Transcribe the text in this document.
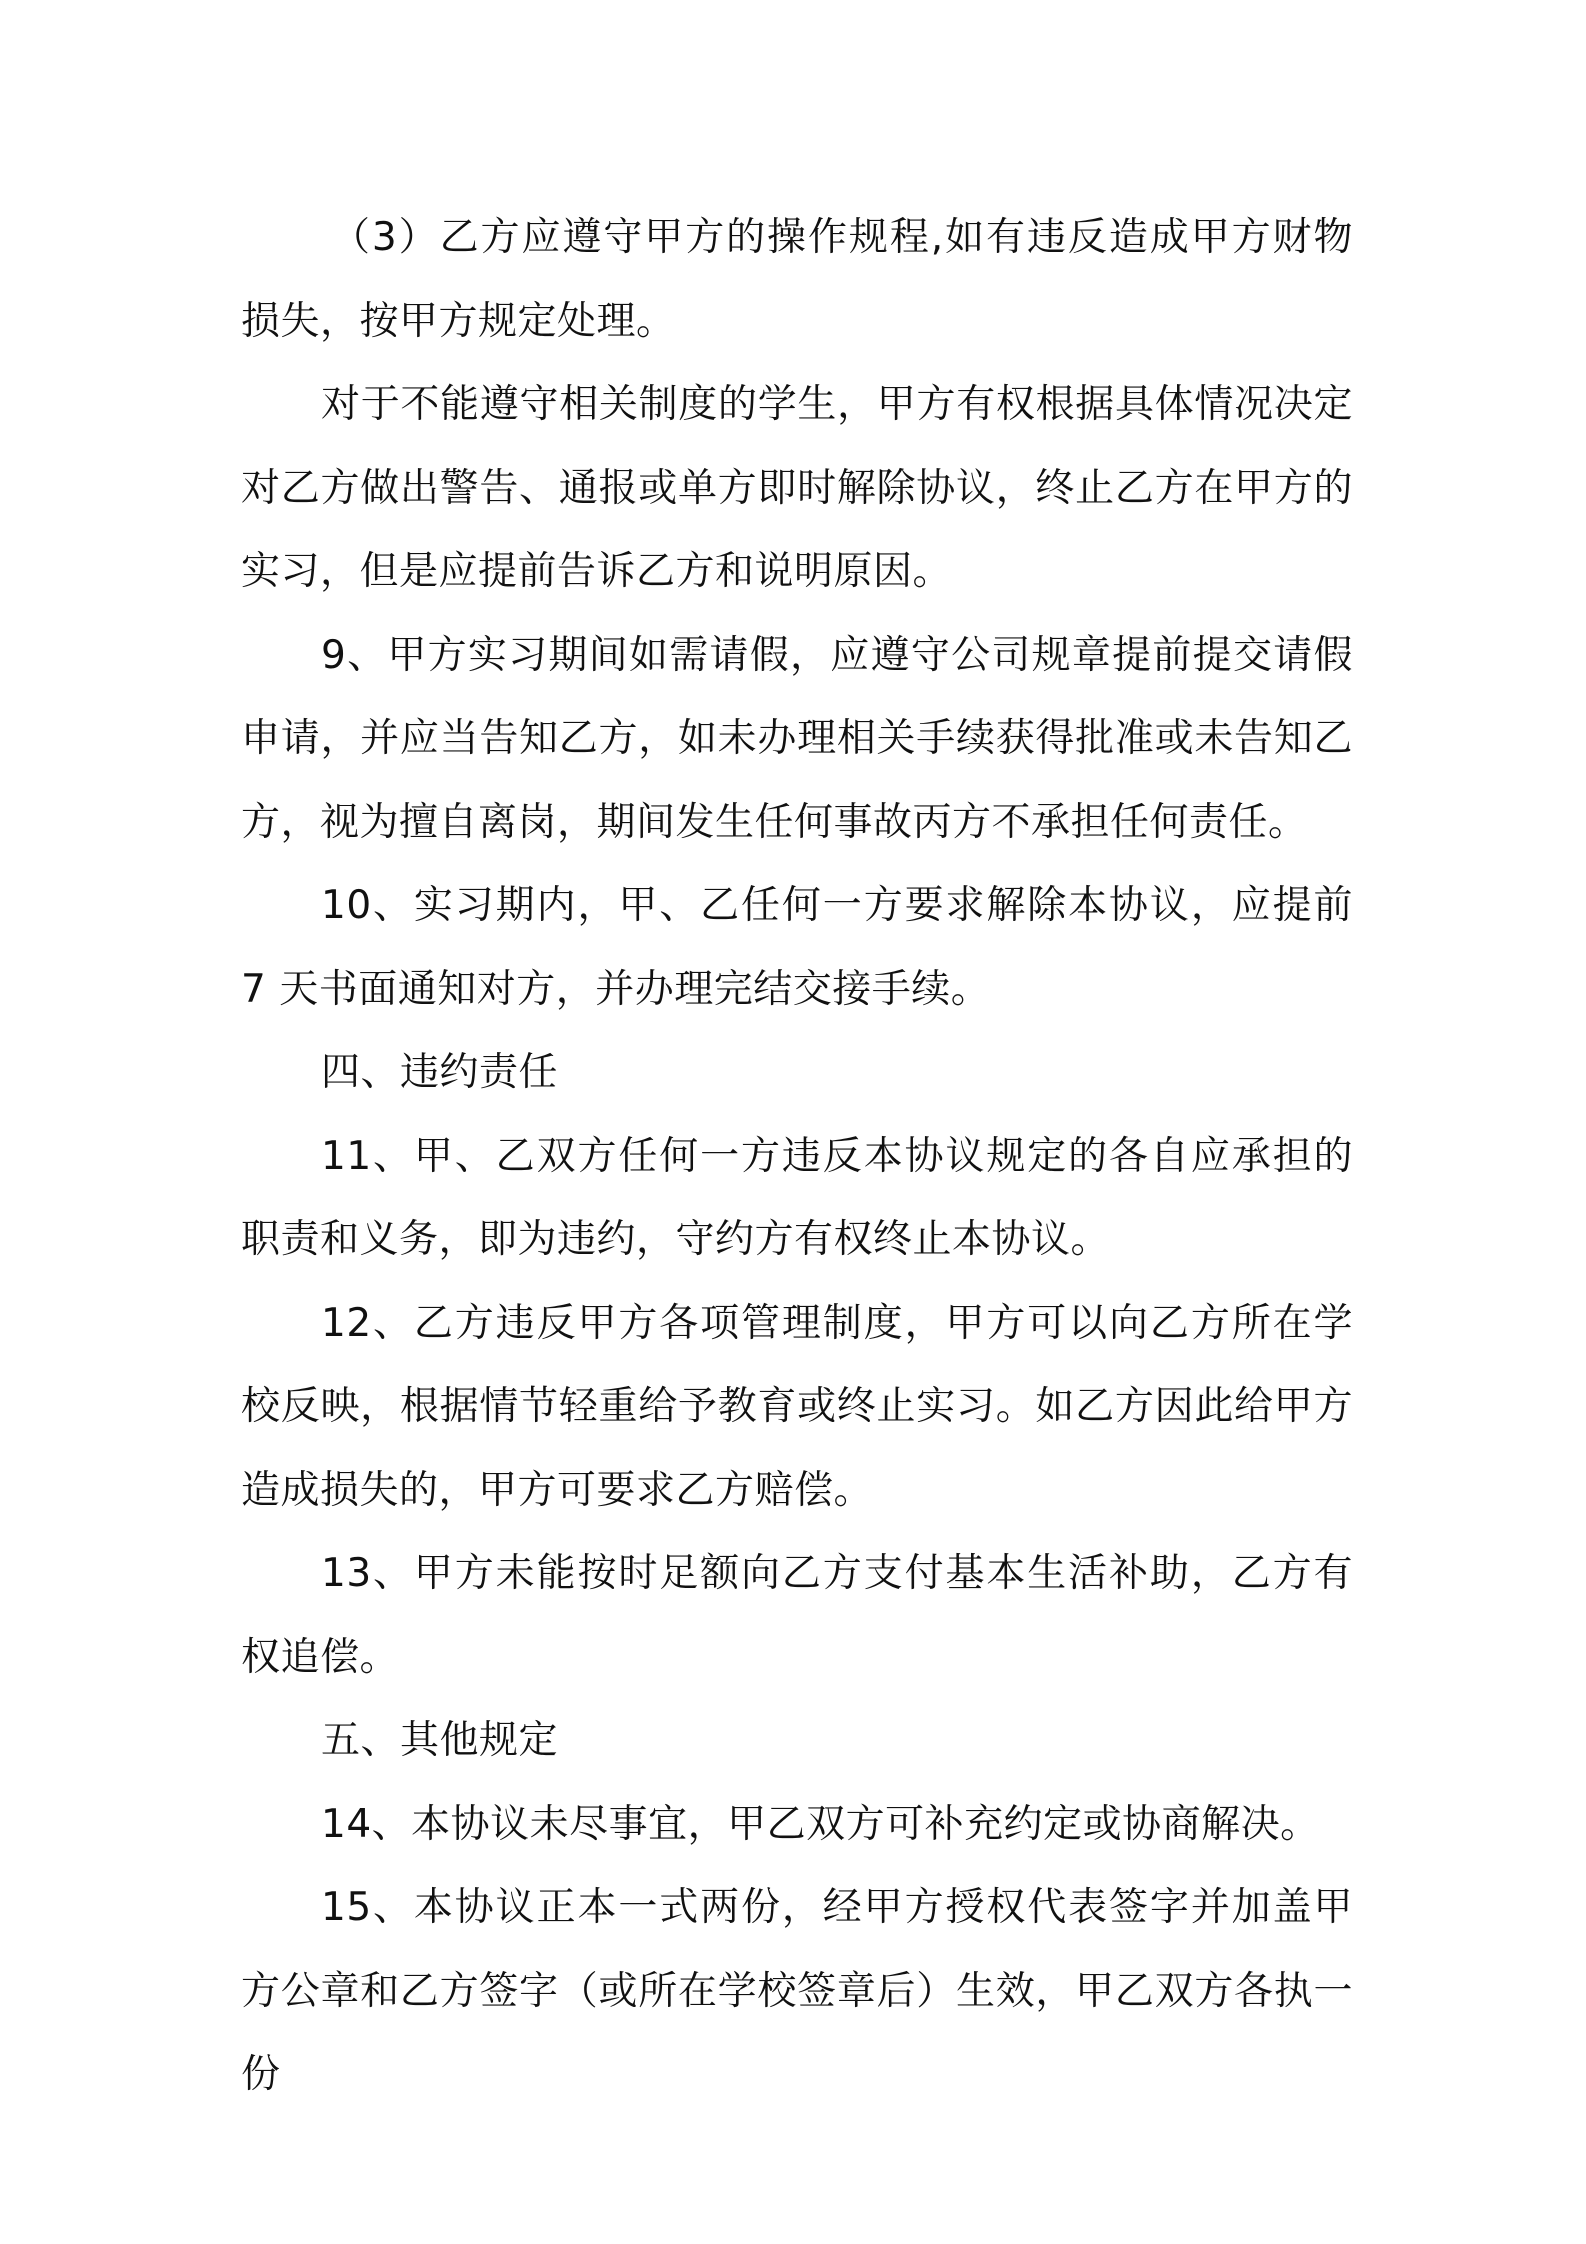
（3）乙方应遵守甲方的操作规程,如有违反造成甲方财物损失，按甲方规定处理。

对于不能遵守相关制度的学生，甲方有权根据具体情况决定对乙方做出警告、通报或单方即时解除协议，终止乙方在甲方的实习，但是应提前告诉乙方和说明原因。

9、甲方实习期间如需请假，应遵守公司规章提前提交请假申请，并应当告知乙方，如未办理相关手续获得批准或未告知乙方，视为擅自离岗，期间发生任何事故丙方不承担任何责任。

10、实习期内，甲、乙任何一方要求解除本协议，应提前 7 天书面通知对方，并办理完结交接手续。

四、违约责任

11、甲、乙双方任何一方违反本协议规定的各自应承担的职责和义务，即为违约，守约方有权终止本协议。

12、乙方违反甲方各项管理制度，甲方可以向乙方所在学校反映，根据情节轻重给予教育或终止实习。如乙方因此给甲方造成损失的，甲方可要求乙方赔偿。

13、甲方未能按时足额向乙方支付基本生活补助，乙方有权追偿。

五、其他规定

14、本协议未尽事宜，甲乙双方可补充约定或协商解决。

15、本协议正本一式两份，经甲方授权代表签字并加盖甲方公章和乙方签字（或所在学校签章后）生效，甲乙双方各执一份
